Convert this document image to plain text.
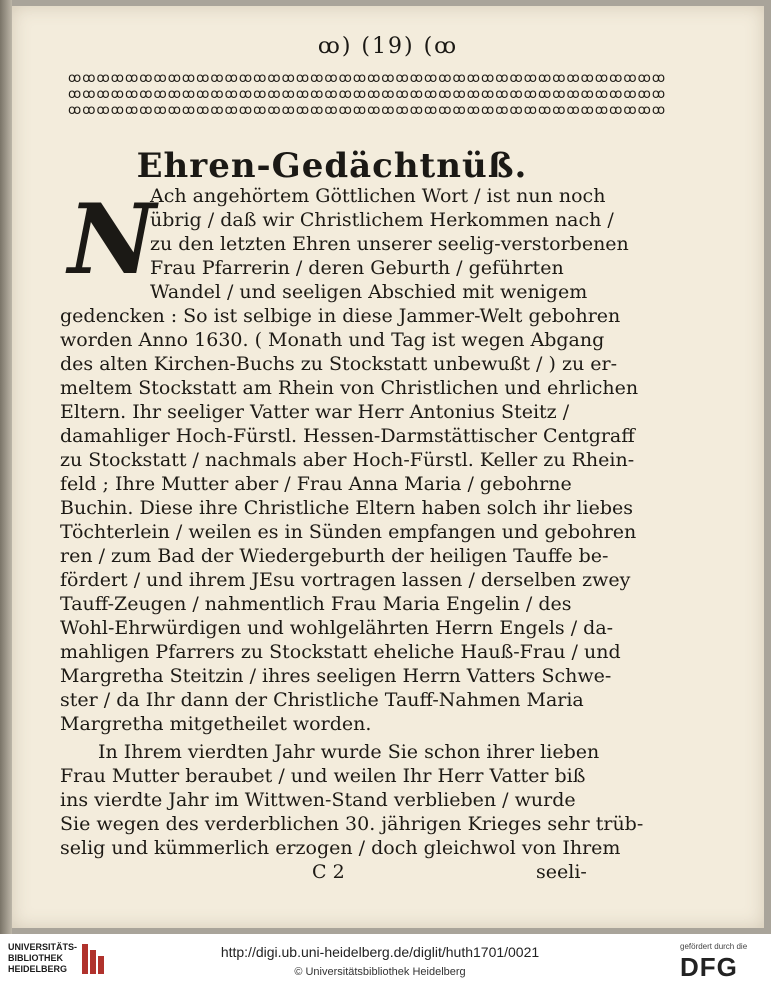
ꝏ) (19) (ꝏ
ꝏꝏꝏꝏꝏꝏꝏꝏꝏꝏꝏꝏꝏꝏꝏꝏꝏꝏꝏꝏꝏꝏꝏꝏꝏꝏꝏꝏꝏꝏꝏꝏꝏꝏꝏꝏꝏꝏꝏꝏꝏꝏ
ꝏꝏꝏꝏꝏꝏꝏꝏꝏꝏꝏꝏꝏꝏꝏꝏꝏꝏꝏꝏꝏꝏꝏꝏꝏꝏꝏꝏꝏꝏꝏꝏꝏꝏꝏꝏꝏꝏꝏꝏꝏꝏ
ꝏꝏꝏꝏꝏꝏꝏꝏꝏꝏꝏꝏꝏꝏꝏꝏꝏꝏꝏꝏꝏꝏꝏꝏꝏꝏꝏꝏꝏꝏꝏꝏꝏꝏꝏꝏꝏꝏꝏꝏꝏꝏ
Ehren-Gedächtnüß.
N
Ach angehörtem Göttlichen Wort / ist nun noch
übrig / daß wir Christlichem Herkommen nach /
zu den letzten Ehren unserer seelig-verstorbenen
Frau Pfarrerin / deren Geburth / geführten
Wandel / und seeligen Abschied mit wenigem
gedencken : So ist selbige in diese Jammer-Welt gebohren
worden Anno 1630. ( Monath und Tag ist wegen Abgang
des alten Kirchen-Buchs zu Stockstatt unbewußt / ) zu er-
meltem Stockstatt am Rhein von Christlichen und ehrlichen
Eltern. Ihr seeliger Vatter war Herr Antonius Steitz /
damahliger Hoch-Fürstl. Hessen-Darmstättischer Centgraff
zu Stockstatt / nachmals aber Hoch-Fürstl. Keller zu Rhein-
feld ; Ihre Mutter aber / Frau Anna Maria / gebohrne
Buchin. Diese ihre Christliche Eltern haben solch ihr liebes
Töchterlein / weilen es in Sünden empfangen und gebohren
ren / zum Bad der Wiedergeburth der heiligen Tauffe be-
fördert / und ihrem JEsu vortragen lassen / derselben zwey
Tauff-Zeugen / nahmentlich Frau Maria Engelin / des
Wohl-Ehrwürdigen und wohlgelährten Herrn Engels / da-
mahligen Pfarrers zu Stockstatt eheliche Hauß-Frau / und
Margretha Steitzin / ihres seeligen Herrn Vatters Schwe-
ster / da Ihr dann der Christliche Tauff-Nahmen Maria
Margretha mitgetheilet worden.
In Ihrem vierdten Jahr wurde Sie schon ihrer lieben
Frau Mutter beraubet / und weilen Ihr Herr Vatter biß
ins vierdte Jahr im Wittwen-Stand verblieben / wurde
Sie wegen des verderblichen 30. jährigen Krieges sehr trüb-
selig und kümmerlich erzogen / doch gleichwol von Ihrem
C 2	seeli-
UNIVERSITÄTS-
BIBLIOTHEK
HEIDELBERG
http://digi.ub.uni-heidelberg.de/diglit/huth1701/0021
© Universitätsbibliothek Heidelberg
gefördert durch die
DFG
